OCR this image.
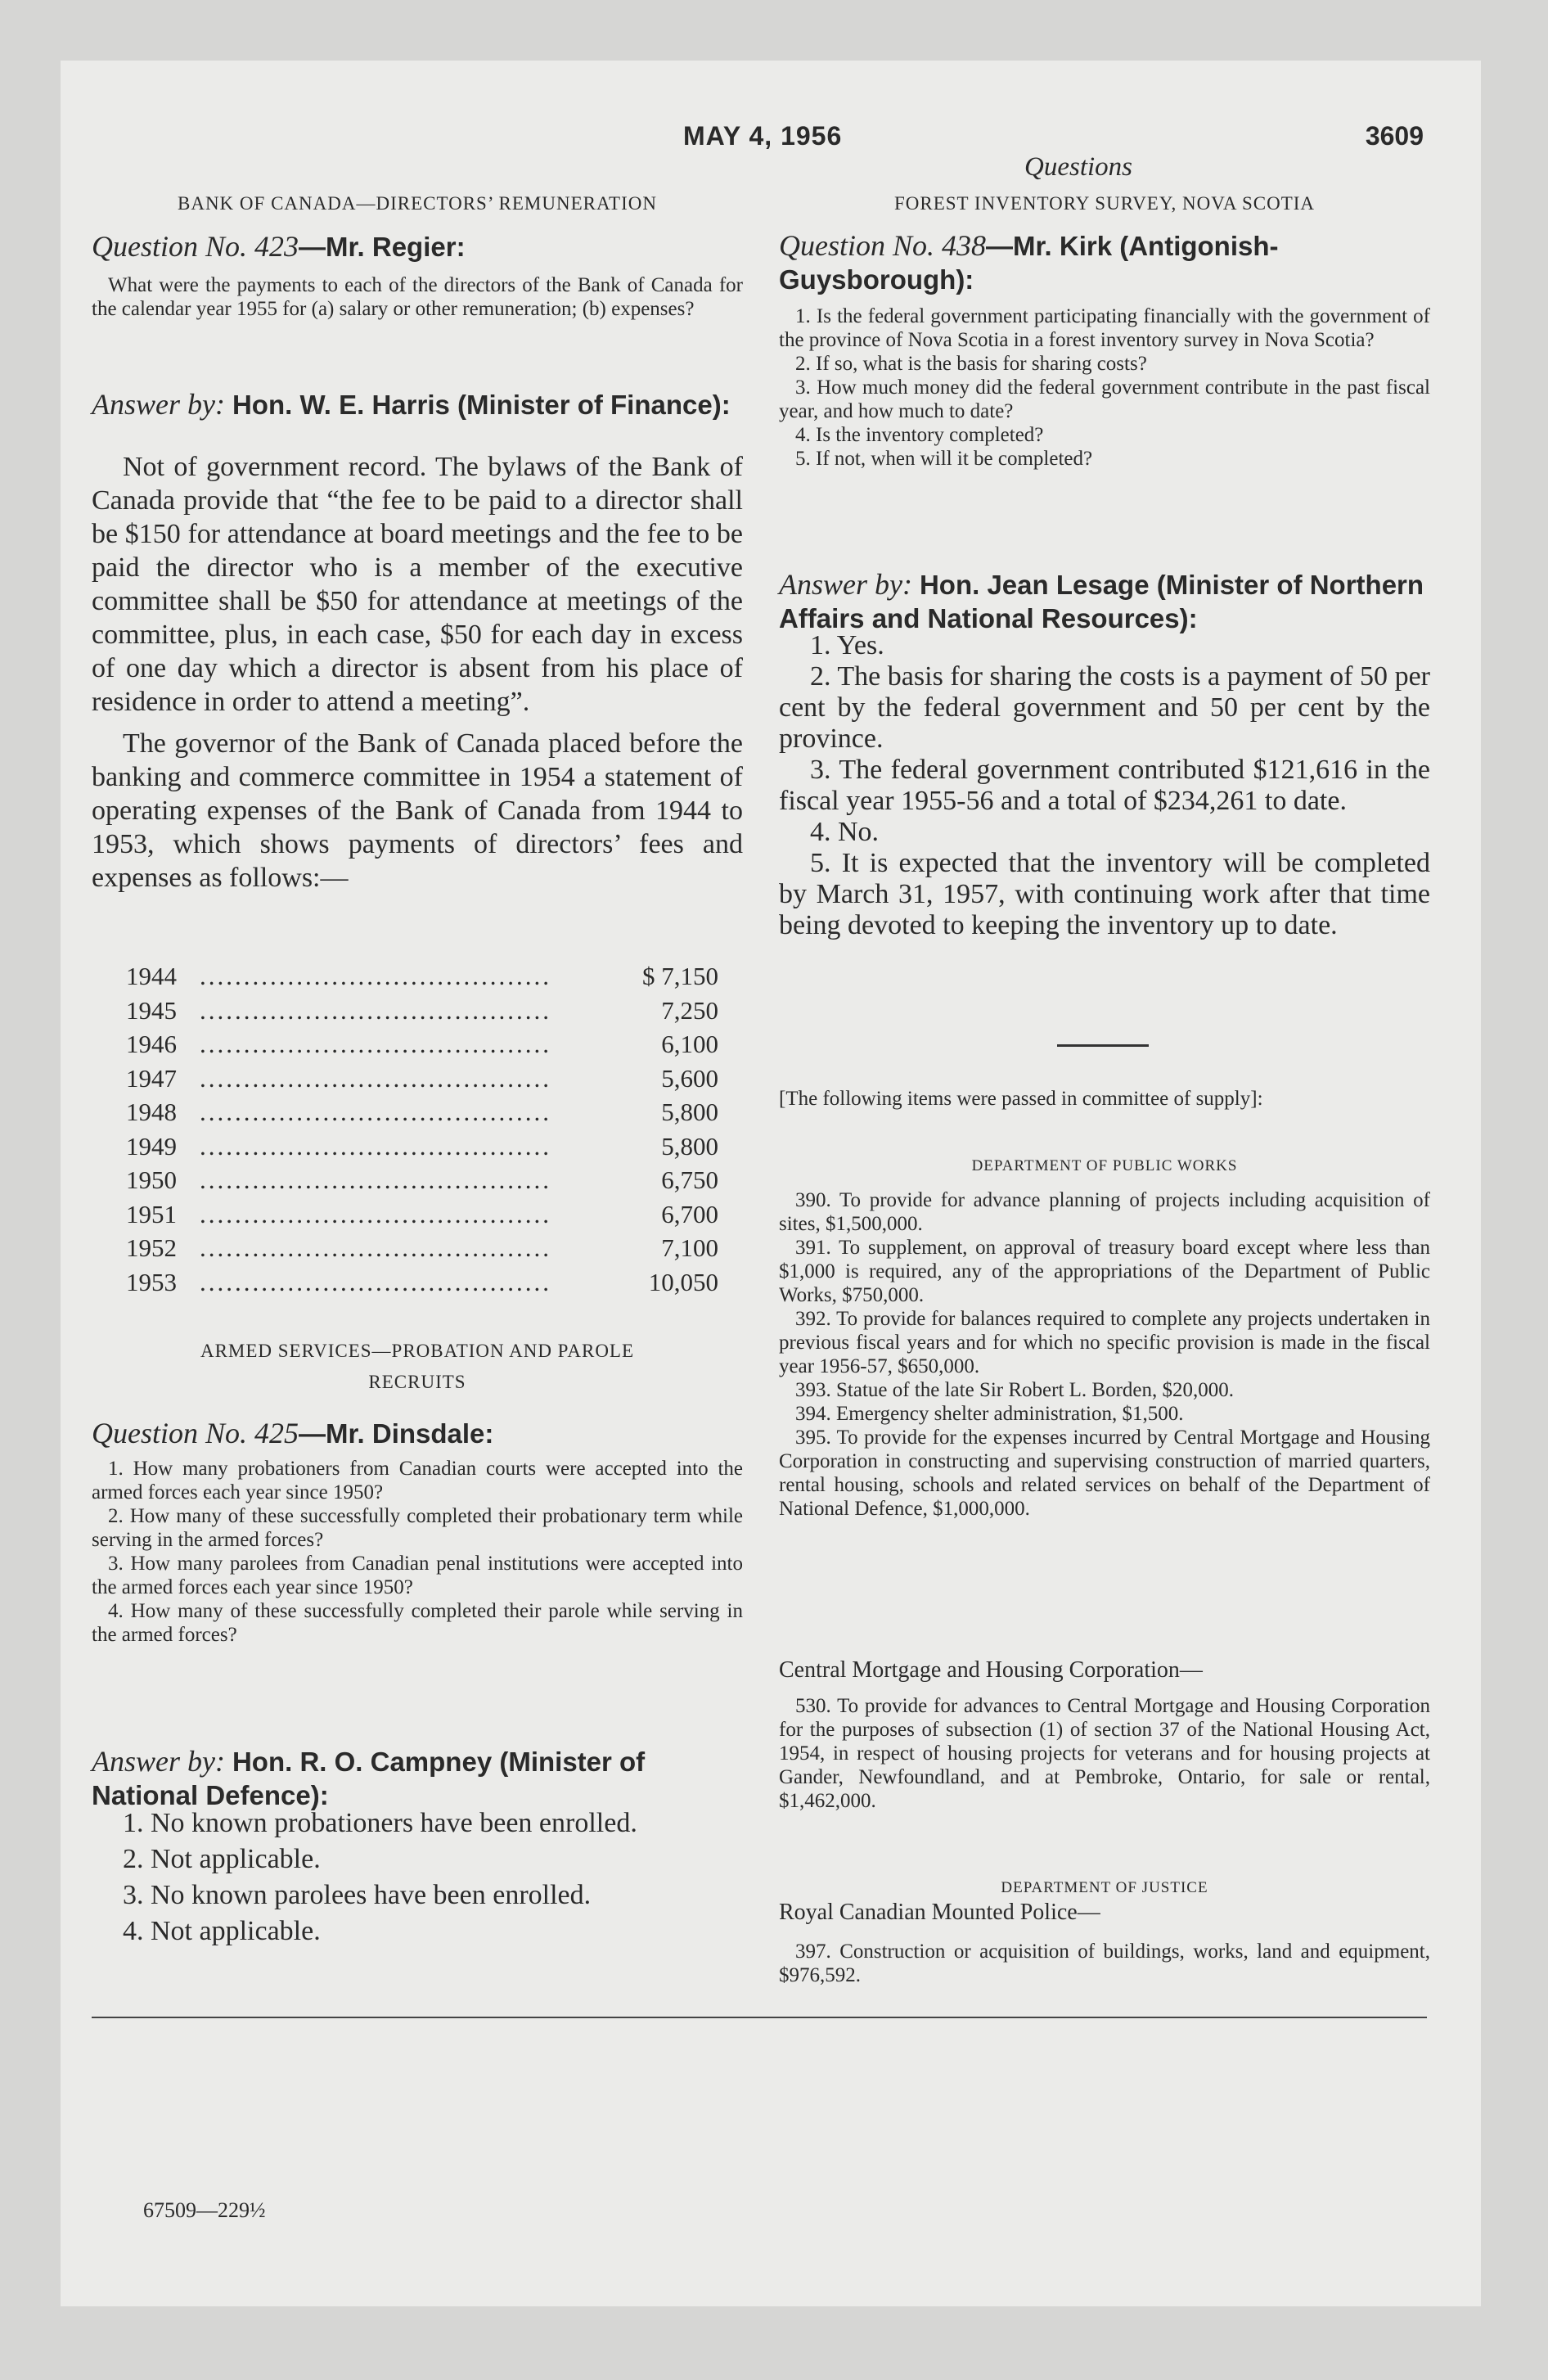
MAY 4, 1956	3609
Questions
BANK OF CANADA—DIRECTORS’ REMUNERATION
Question No. 423—Mr. Regier:

What were the payments to each of the directors of the Bank of Canada for the calendar year 1955 for (a) salary or other remuneration; (b) expenses?

Answer by: Hon. W. E. Harris (Minister of Finance):

Not of government record. The bylaws of the Bank of Canada provide that “the fee to be paid to a director shall be $150 for attendance at board meetings and the fee to be paid the director who is a member of the executive committee shall be $50 for attendance at meetings of the committee, plus, in each case, $50 for each day in excess of one day which a director is absent from his place of residence in order to attend a meeting”.

The governor of the Bank of Canada placed before the banking and commerce committee in 1954 a statement of operating expenses of the Bank of Canada from 1944 to 1953, which shows payments of directors’ fees and expenses as follows:—

1944 ........................................	$ 7,150
1945 ........................................	7,250
1946 ........................................	6,100
1947 ........................................	5,600
1948 ........................................	5,800
1949 ........................................	5,800
1950 ........................................	6,750
1951 ........................................	6,700
1952 ........................................	7,100
1953 ........................................	10,050
ARMED SERVICES—PROBATION AND PAROLE
RECRUITS
Question No. 425—Mr. Dinsdale:

1. How many probationers from Canadian courts were accepted into the armed forces each year since 1950?

2. How many of these successfully completed their probationary term while serving in the armed forces?

3. How many parolees from Canadian penal institutions were accepted into the armed forces each year since 1950?

4. How many of these successfully completed their parole while serving in the armed forces?

Answer by: Hon. R. O. Campney (Minister of National Defence):

1. No known probationers have been enrolled.

2. Not applicable.

3. No known parolees have been enrolled.

4. Not applicable.

FOREST INVENTORY SURVEY, NOVA SCOTIA
Question No. 438—Mr. Kirk (Antigonish-Guysborough):

1. Is the federal government participating financially with the government of the province of Nova Scotia in a forest inventory survey in Nova Scotia?

2. If so, what is the basis for sharing costs?

3. How much money did the federal government contribute in the past fiscal year, and how much to date?

4. Is the inventory completed?

5. If not, when will it be completed?

Answer by: Hon. Jean Lesage (Minister of Northern Affairs and National Resources):

1. Yes.

2. The basis for sharing the costs is a payment of 50 per cent by the federal government and 50 per cent by the province.

3. The federal government contributed $121,616 in the fiscal year 1955-56 and a total of $234,261 to date.

4. No.

5. It is expected that the inventory will be completed by March 31, 1957, with continuing work after that time being devoted to keeping the inventory up to date.

[The following items were passed in committee of supply]:

DEPARTMENT OF PUBLIC WORKS

390. To provide for advance planning of projects including acquisition of sites, $1,500,000.

391. To supplement, on approval of treasury board except where less than $1,000 is required, any of the appropriations of the Department of Public Works, $750,000.

392. To provide for balances required to complete any projects undertaken in previous fiscal years and for which no specific provision is made in the fiscal year 1956-57, $650,000.

393. Statue of the late Sir Robert L. Borden, $20,000.

394. Emergency shelter administration, $1,500.

395. To provide for the expenses incurred by Central Mortgage and Housing Corporation in constructing and supervising construction of married quarters, rental housing, schools and related services on behalf of the Department of National Defence, $1,000,000.

Central Mortgage and Housing Corporation—

530. To provide for advances to Central Mortgage and Housing Corporation for the purposes of subsection (1) of section 37 of the National Housing Act, 1954, in respect of housing projects for veterans and for housing projects at Gander, Newfoundland, and at Pembroke, Ontario, for sale or rental, $1,462,000.

DEPARTMENT OF JUSTICE
Royal Canadian Mounted Police—

397. Construction or acquisition of buildings, works, land and equipment, $976,592.

67509—229½
